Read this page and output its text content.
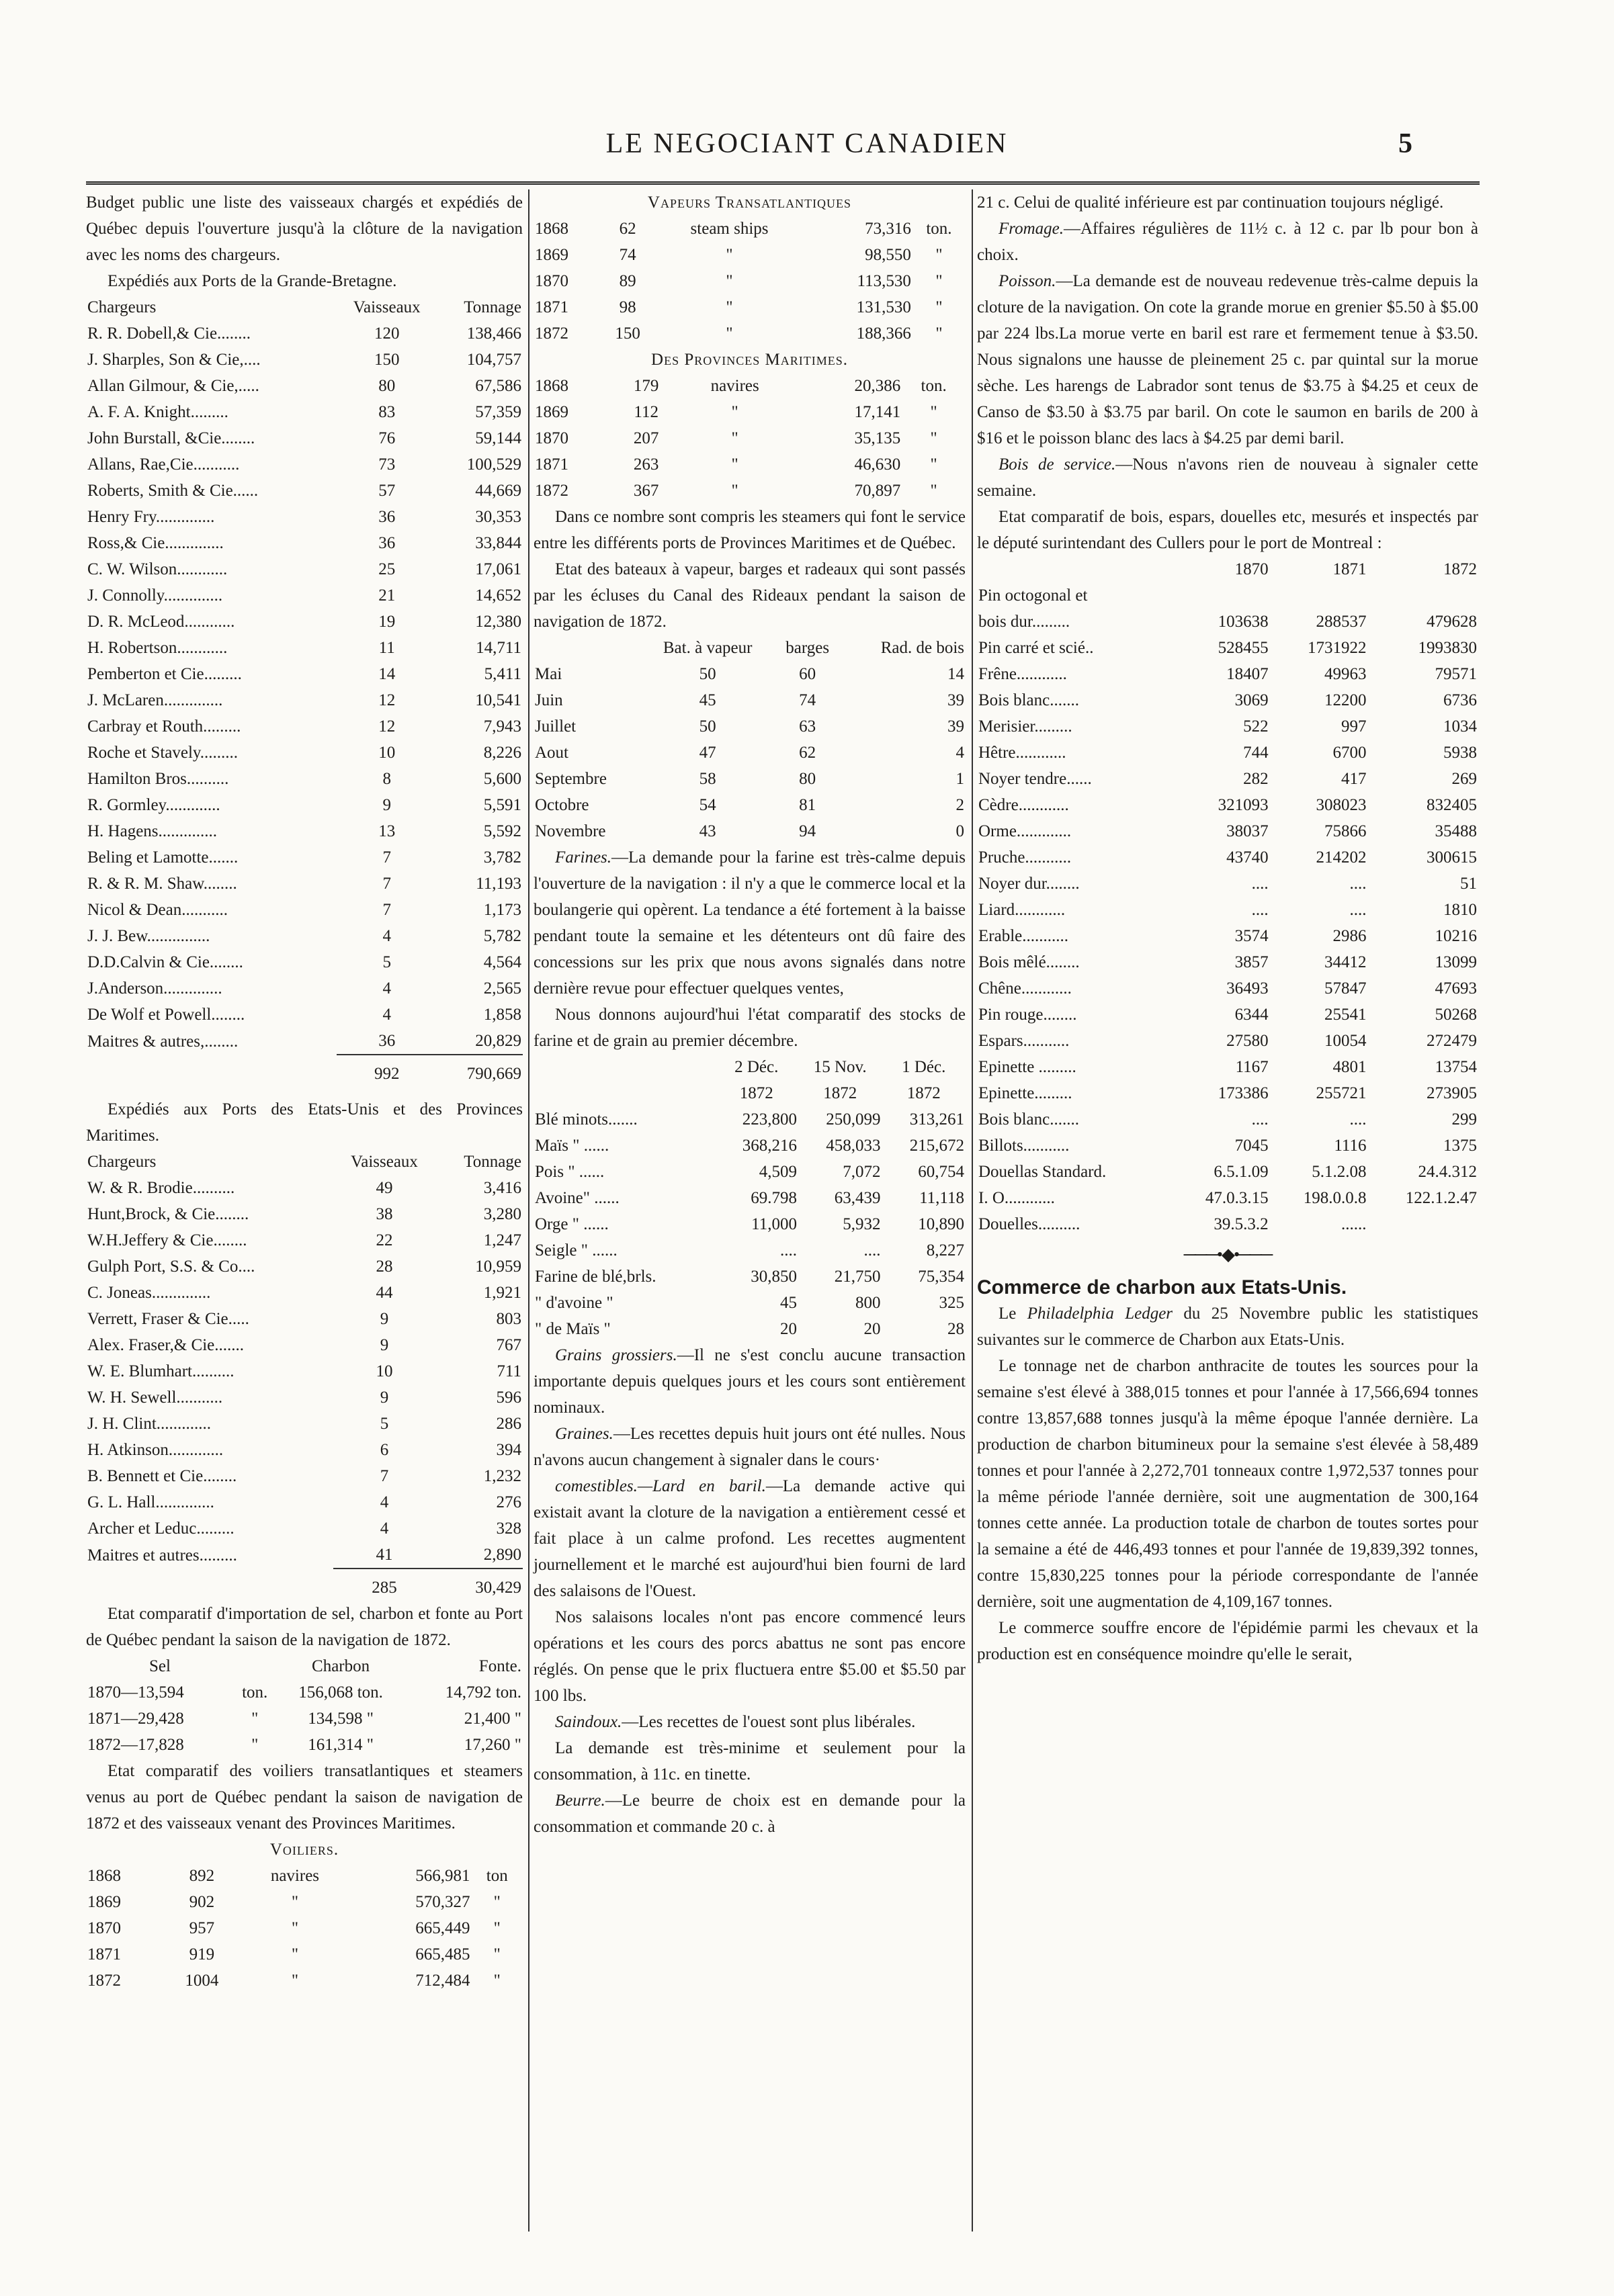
LE NEGOCIANT CANADIEN	5

Budget public une liste des vaisseaux chargés et expédiés de Québec depuis l'ouverture jusqu'à la clôture de la navigation avec les noms des chargeurs.

Expédiés aux Ports de la Grande-Bretagne.

Chargeurs	Vaisseaux	Tonnage
R. R. Dobell,& Cie........	120	138,466
J. Sharples, Son & Cie,....	150	104,757
Allan Gilmour, & Cie,.....	80	67,586
A. F. A. Knight.........	83	57,359
John Burstall, &Cie........	76	59,144
Allans, Rae,Cie...........	73	100,529
Roberts, Smith & Cie......	57	44,669
Henry Fry..............	36	30,353
Ross,& Cie..............	36	33,844
C. W. Wilson............	25	17,061
J. Connolly..............	21	14,652
D. R. McLeod............	19	12,380
H. Robertson............	11	14,711
Pemberton et Cie.........	14	5,411
J. McLaren..............	12	10,541
Carbray et Routh.........	12	7,943
Roche et Stavely.........	10	8,226
Hamilton Bros..........	8	5,600
R. Gormley.............	9	5,591
H. Hagens..............	13	5,592
Beling et Lamotte.......	7	3,782
R. & R. M. Shaw........	7	11,193
Nicol & Dean...........	7	1,173
J. J. Bew...............	4	5,782
D.D.Calvin & Cie........	5	4,564
J.Anderson..............	4	2,565
De Wolf et Powell........	4	1,858
Maitres & autres,........	36	20,829
	992	790,669

Expédiés aux Ports des Etats-Unis et des Provinces Maritimes.

Chargeurs	Vaisseaux	Tonnage
W. & R. Brodie..........	49	3,416
Hunt,Brock, & Cie........	38	3,280
W.H.Jeffery & Cie........	22	1,247
Gulph Port, S.S. & Co....	28	10,959
C. Joneas..............	44	1,921
Verrett, Fraser & Cie.....	9	803
Alex. Fraser,& Cie.......	9	767
W. E. Blumhart..........	10	711
W. H. Sewell...........	9	596
J. H. Clint.............	5	286
H. Atkinson.............	6	394
B. Bennett et Cie........	7	1,232
G. L. Hall..............	4	276
Archer et Leduc.........	4	328
Maitres et autres.........	41	2,890
	285	30,429

Etat comparatif d'importation de sel, charbon et fonte au Port de Québec pendant la saison de la navigation de 1872.

Sel		Charbon	Fonte.
1870—13,594	ton.	156,068 ton.	14,792 ton.
1871—29,428	"	134,598 "	21,400 "
1872—17,828	"	161,314 "	17,260 "

Etat comparatif des voiliers transatlantiques et steamers venus au port de Québec pendant la saison de navigation de 1872 et des vaisseaux venant des Provinces Maritimes.

Voiliers.

1868	892	navires	566,981	ton
1869	902	"	570,327	"
1870	957	"	665,449	"
1871	919	"	665,485	"
1872	1004	"	712,484	"

Vapeurs Transatlantiques

1868	62	steam ships	73,316	ton.
1869	74	"	98,550	"
1870	89	"	113,530	"
1871	98	"	131,530	"
1872	150	"	188,366	"

Des Provinces Maritimes.

1868	179	navires	20,386	ton.
1869	112	"	17,141	"
1870	207	"	35,135	"
1871	263	"	46,630	"
1872	367	"	70,897	"

Dans ce nombre sont compris les steamers qui font le service entre les différents ports de Provinces Maritimes et de Québec.

Etat des bateaux à vapeur, barges et radeaux qui sont passés par les écluses du Canal des Rideaux pendant la saison de navigation de 1872.

	Bat. à vapeur	barges	Rad. de bois
Mai	50	60	14
Juin	45	74	39
Juillet	50	63	39
Aout	47	62	4
Septembre	58	80	1
Octobre	54	81	2
Novembre	43	94	0

Farines.—La demande pour la farine est très-calme depuis l'ouverture de la navigation : il n'y a que le commerce local et la boulangerie qui opèrent. La tendance a été fortement à la baisse pendant toute la semaine et les détenteurs ont dû faire des concessions sur les prix que nous avons signalés dans notre dernière revue pour effectuer quelques ventes,

Nous donnons aujourd'hui l'état comparatif des stocks de farine et de grain au premier décembre.

	2 Déc.	15 Nov.	1 Déc.
	1872	1872	1872
Blé minots.......	223,800	250,099	313,261
Maïs " ......	368,216	458,033	215,672
Pois " ......	4,509	7,072	60,754
Avoine" ......	69.798	63,439	11,118
Orge " ......	11,000	5,932	10,890
Seigle " ......	....	....	8,227
Farine de blé,brls.	30,850	21,750	75,354
" d'avoine "	45	800	325
" de Maïs "	20	20	28

Grains grossiers.—Il ne s'est conclu aucune transaction importante depuis quelques jours et les cours sont entièrement nominaux.

Graines.—Les recettes depuis huit jours ont été nulles. Nous n'avons aucun changement à signaler dans le cours·

comestibles.—Lard en baril.—La demande active qui existait avant la cloture de la navigation a entièrement cessé et fait place à un calme profond. Les recettes augmentent journellement et le marché est aujourd'hui bien fourni de lard des salaisons de l'Ouest.

Nos salaisons locales n'ont pas encore commencé leurs opérations et les cours des porcs abattus ne sont pas encore réglés. On pense que le prix fluctuera entre $5.00 et $5.50 par 100 lbs.

Saindoux.—Les recettes de l'ouest sont plus libérales.

La demande est très-minime et seulement pour la consommation, à 11c. en tinette.

Beurre.—Le beurre de choix est en demande pour la consommation et commande 20 c. à

21 c. Celui de qualité inférieure est par continuation toujours négligé.

Fromage.—Affaires régulières de 11½ c. à 12 c. par lb pour bon à choix.

Poisson.—La demande est de nouveau redevenue très-calme depuis la cloture de la navigation. On cote la grande morue en grenier $5.50 à $5.00 par 224 lbs.La morue verte en baril est rare et fermement tenue à $3.50. Nous signalons une hausse de pleinement 25 c. par quintal sur la morue sèche. Les harengs de Labrador sont tenus de $3.75 à $4.25 et ceux de Canso de $3.50 à $3.75 par baril. On cote le saumon en barils de 200 à $16 et le poisson blanc des lacs à $4.25 par demi baril.

Bois de service.—Nous n'avons rien de nouveau à signaler cette semaine.

Etat comparatif de bois, espars, douelles etc, mesurés et inspectés par le député surintendant des Cullers pour le port de Montreal :

	1870	1871	1872
Pin octogonal et			
bois dur.........	103638	288537	479628
Pin carré et scié..	528455	1731922	1993830
Frêne............	18407	49963	79571
Bois blanc.......	3069	12200	6736
Merisier.........	522	997	1034
Hêtre............	744	6700	5938
Noyer tendre......	282	417	269
Cèdre............	321093	308023	832405
Orme.............	38037	75866	35488
Pruche...........	43740	214202	300615
Noyer dur........	....	....	51
Liard............	....	....	1810
Erable...........	3574	2986	10216
Bois mêlé........	3857	34412	13099
Chêne............	36493	57847	47693
Pin rouge........	6344	25541	50268
Espars...........	27580	10054	272479
Epinette .........	1167	4801	13754
Epinette.........	173386	255721	273905
Bois blanc.......	....	....	299
Billots...........	7045	1116	1375
Douellas Standard.	6.5.1.09	5.1.2.08	24.4.312
I. O............	47.0.3.15	198.0.0.8	122.1.2.47
Douelles..........	39.5.3.2	......	
───•◆•───
Commerce de charbon aux Etats-Unis.

Le Philadelphia Ledger du 25 Novembre public les statistiques suivantes sur le commerce de Charbon aux Etats-Unis.

Le tonnage net de charbon anthracite de toutes les sources pour la semaine s'est élevé à 388,015 tonnes et pour l'année à 17,566,694 tonnes contre 13,857,688 tonnes jusqu'à la même époque l'année dernière. La production de charbon bitumineux pour la semaine s'est élevée à 58,489 tonnes et pour l'année à 2,272,701 tonneaux contre 1,972,537 tonnes pour la même période l'année dernière, soit une augmentation de 300,164 tonnes cette année. La production totale de charbon de toutes sortes pour la semaine a été de 446,493 tonnes et pour l'année de 19,839,392 tonnes, contre 15,830,225 tonnes pour la période correspondante de l'année dernière, soit une augmentation de 4,109,167 tonnes.

Le commerce souffre encore de l'épidémie parmi les chevaux et la production est en conséquence moindre qu'elle le serait,
